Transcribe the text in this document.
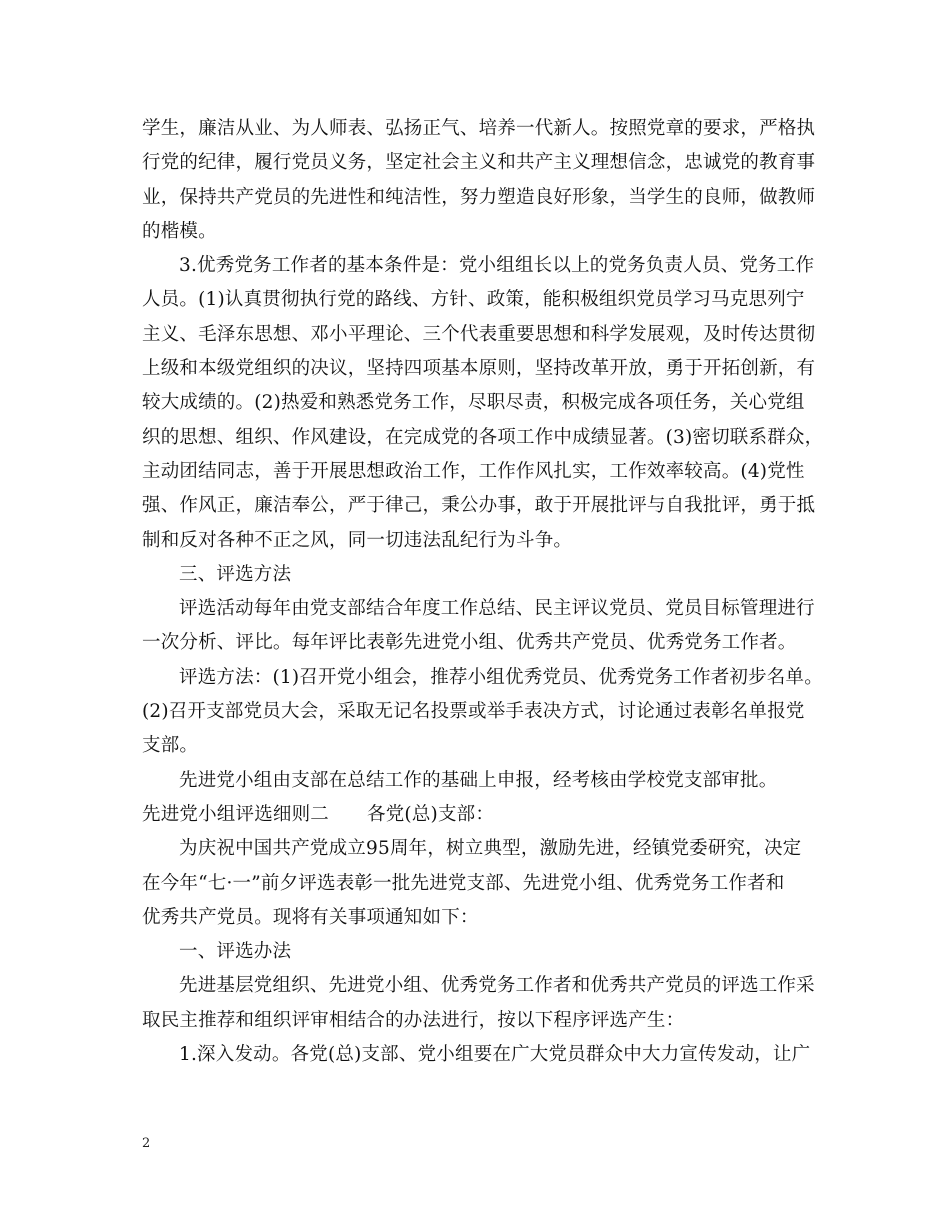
学生，廉洁从业、为人师表、弘扬正气、培养一代新人。按照党章的要求，严格执
行党的纪律，履行党员义务，坚定社会主义和共产主义理想信念，忠诚党的教育事
业，保持共产党员的先进性和纯洁性，努力塑造良好形象，当学生的良师，做教师
的楷模。
3.优秀党务工作者的基本条件是：党小组组长以上的党务负责人员、党务工作
人员。(1)认真贯彻执行党的路线、方针、政策，能积极组织党员学习马克思列宁
主义、毛泽东思想、邓小平理论、三个代表重要思想和科学发展观，及时传达贯彻
上级和本级党组织的决议，坚持四项基本原则，坚持改革开放，勇于开拓创新，有
较大成绩的。(2)热爱和熟悉党务工作，尽职尽责，积极完成各项任务，关心党组
织的思想、组织、作风建设，在完成党的各项工作中成绩显著。(3)密切联系群众，
主动团结同志，善于开展思想政治工作，工作作风扎实，工作效率较高。(4)党性
强、作风正，廉洁奉公，严于律己，秉公办事，敢于开展批评与自我批评，勇于抵
制和反对各种不正之风，同一切违法乱纪行为斗争。
三、评选方法
评选活动每年由党支部结合年度工作总结、民主评议党员、党员目标管理进行
一次分析、评比。每年评比表彰先进党小组、优秀共产党员、优秀党务工作者。
评选方法：(1)召开党小组会，推荐小组优秀党员、优秀党务工作者初步名单。
(2)召开支部党员大会，采取无记名投票或举手表决方式，讨论通过表彰名单报党
支部。
先进党小组由支部在总结工作的基础上申报，经考核由学校党支部审批。
先进党小组评选细则二 各党(总)支部：
为庆祝中国共产党成立95周年，树立典型，激励先进，经镇党委研究，决定
在今年“七·一”前夕评选表彰一批先进党支部、先进党小组、优秀党务工作者和
优秀共产党员。现将有关事项通知如下：
一、评选办法
先进基层党组织、先进党小组、优秀党务工作者和优秀共产党员的评选工作采
取民主推荐和组织评审相结合的办法进行，按以下程序评选产生：
1.深入发动。各党(总)支部、党小组要在广大党员群众中大力宣传发动，让广
2
